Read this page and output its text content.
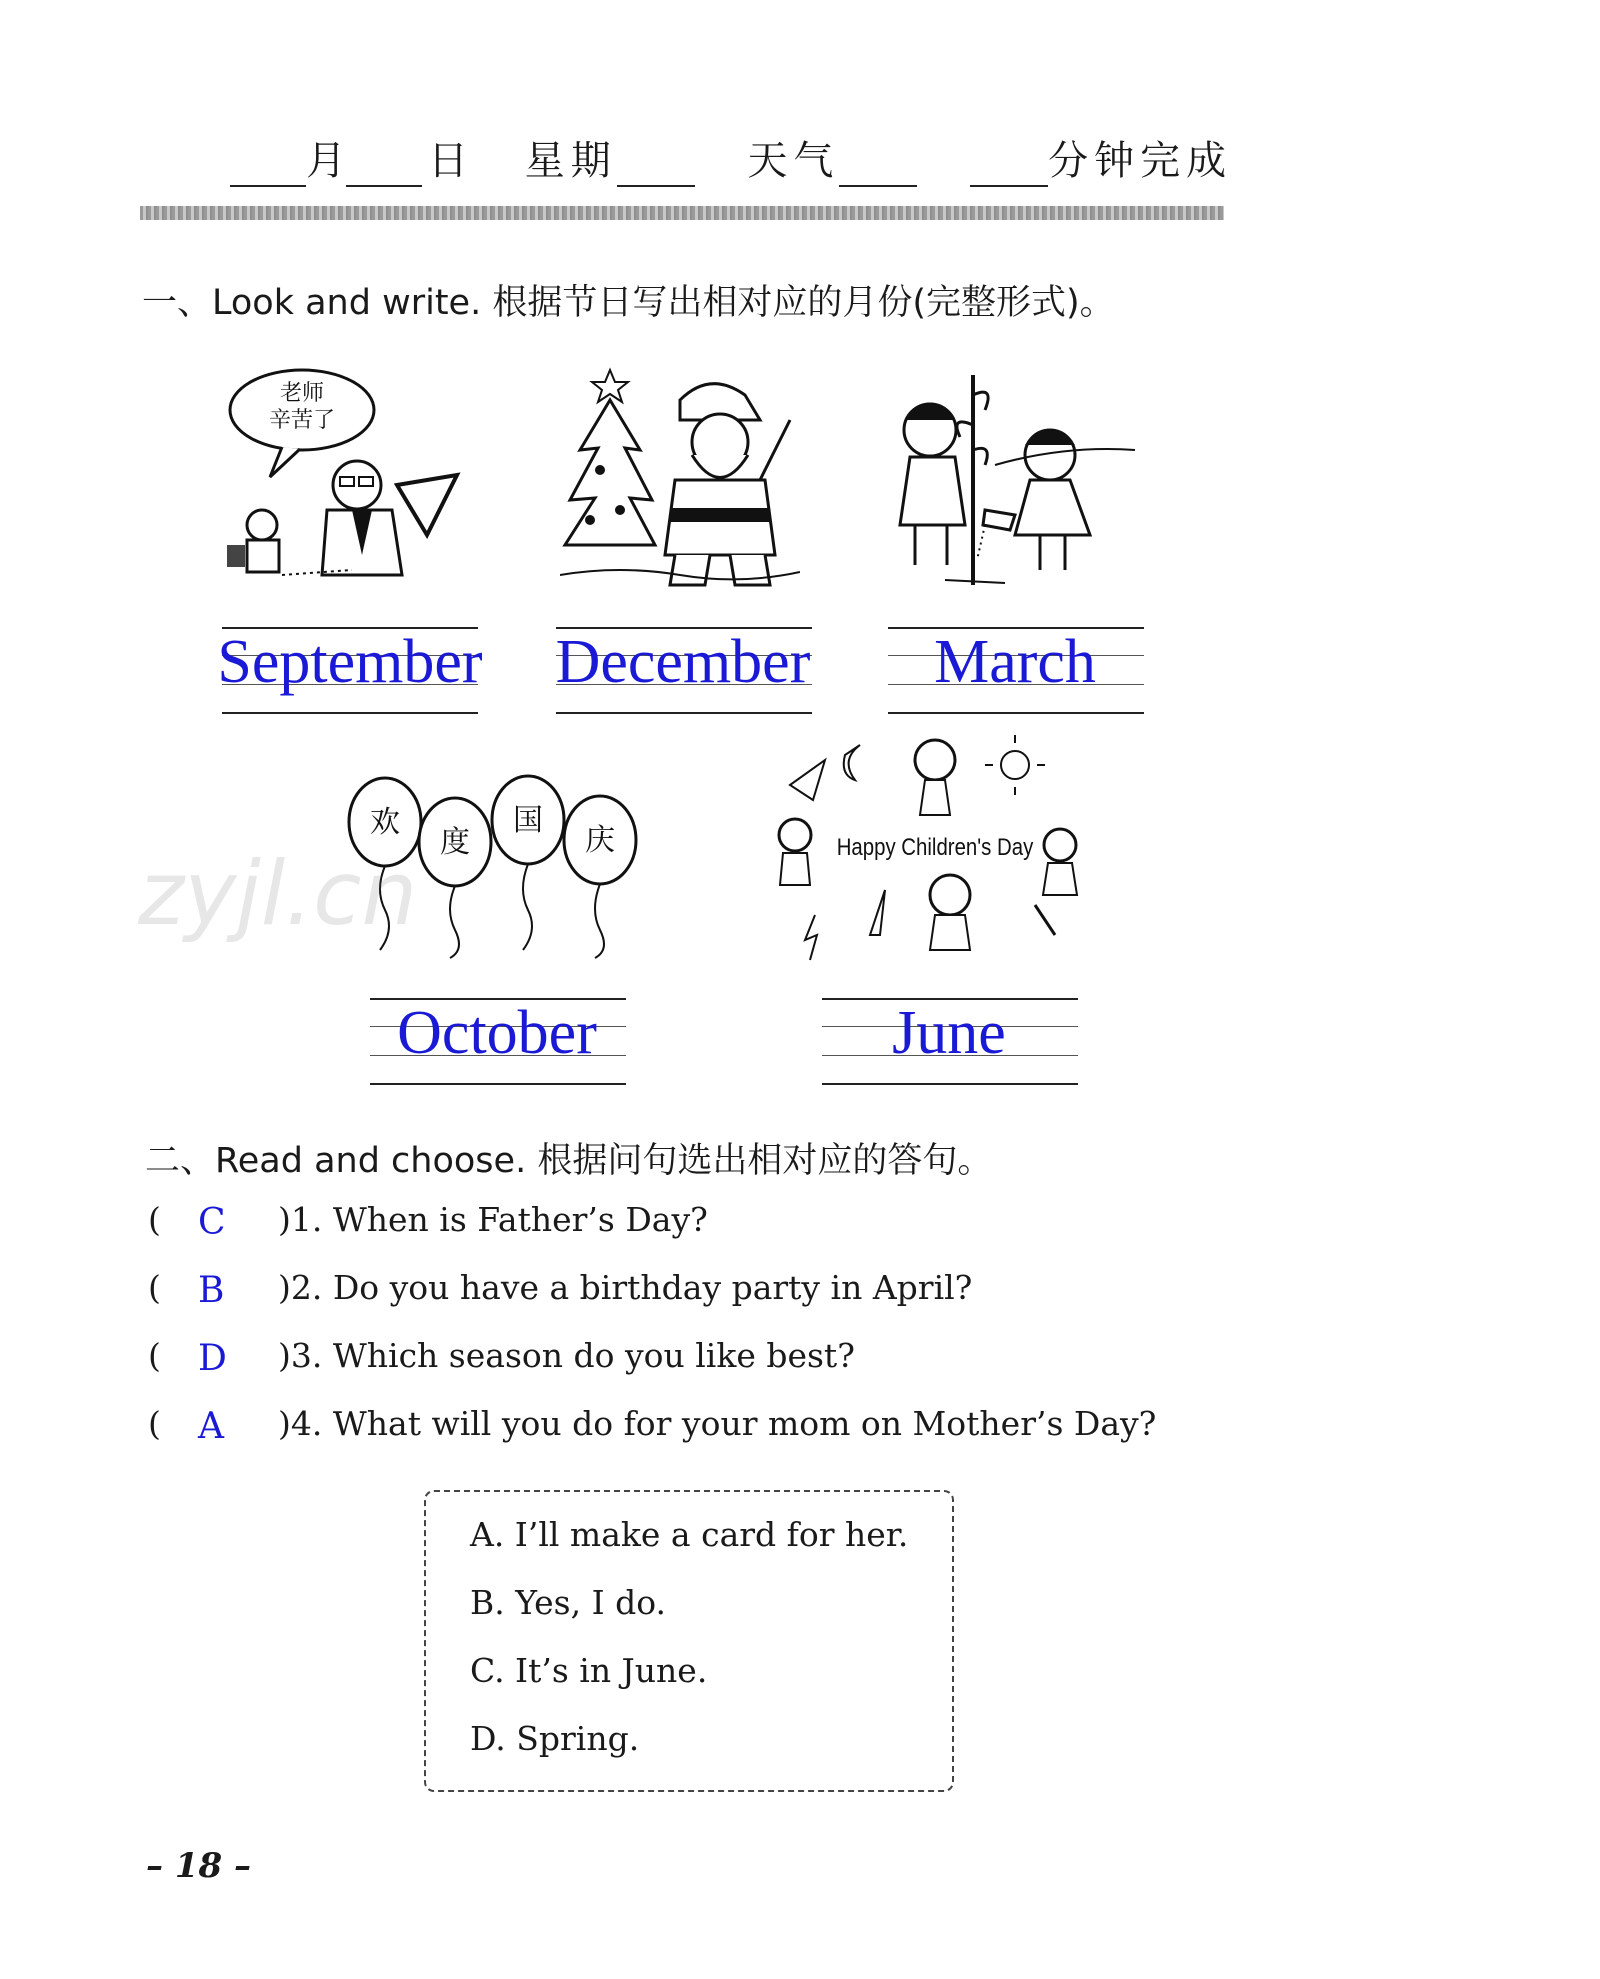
月 日 星期	天气	分钟完成
一、Look and write. 根据节日写出相对应的月份(完整形式)。
老师
辛苦了
September December	March
欢
度
国
庆
zyjl.cn	Happy Children's Day
October	June
二、Read and choose. 根据问句选出相对应的答句。
( C )1. When is Father’s Day?
( B )2. Do you have a birthday party in April?
( D )3. Which season do you like best?
( A )4. What will you do for your mom on Mother’s Day?
A. I’ll make a card for her.
B. Yes, I do.
C. It’s in June.
D. Spring.
– 18 –
